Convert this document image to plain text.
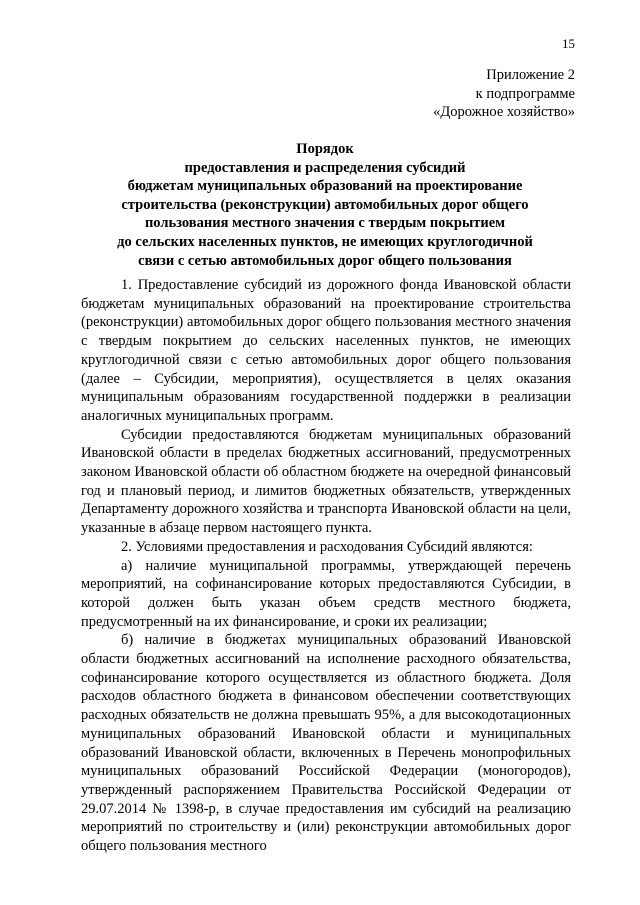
15
Приложение 2
к подпрограмме
«Дорожное хозяйство»
Порядок
предоставления и распределения субсидий
бюджетам муниципальных образований на проектирование
строительства (реконструкции) автомобильных дорог общего
пользования местного значения с твердым покрытием
до сельских населенных пунктов, не имеющих круглогодичной
связи с сетью автомобильных дорог общего пользования

1. Предоставление субсидий из дорожного фонда Ивановской области бюджетам муниципальных образований на проектирование строительства (реконструкции) автомобильных дорог общего пользования местного значения с твердым покрытием до сельских населенных пунктов, не имеющих круглогодичной связи с сетью автомобильных дорог общего пользования (далее – Субсидии, мероприятия), осуществляется в целях оказания муниципальным образованиям государственной поддержки в реализации аналогичных муниципальных программ.

Субсидии предоставляются бюджетам муниципальных образований Ивановской области в пределах бюджетных ассигнований, предусмотренных законом Ивановской области об областном бюджете на очередной финансовый год и плановый период, и лимитов бюджетных обязательств, утвержденных Департаменту дорожного хозяйства и транспорта Ивановской области на цели, указанные в абзаце первом настоящего пункта.

2. Условиями предоставления и расходования Субсидий являются:

а) наличие муниципальной программы, утверждающей перечень мероприятий, на софинансирование которых предоставляются Субсидии, в которой должен быть указан объем средств местного бюджета, предусмотренный на их финансирование, и сроки их реализации;

б) наличие в бюджетах муниципальных образований Ивановской области бюджетных ассигнований на исполнение расходного обязательства, софинансирование которого осуществляется из областного бюджета. Доля расходов областного бюджета в финансовом обеспечении соответствующих расходных обязательств не должна превышать 95%, а для высокодотационных муниципальных образований Ивановской области и муниципальных образований Ивановской области, включенных в Перечень монопрофильных муниципальных образований Российской Федерации (моногородов), утвержденный распоряжением Правительства Российской Федерации от 29.07.2014 № 1398-р, в случае предоставления им субсидий на реализацию мероприятий по строительству и (или) реконструкции автомобильных дорог общего пользования местного
